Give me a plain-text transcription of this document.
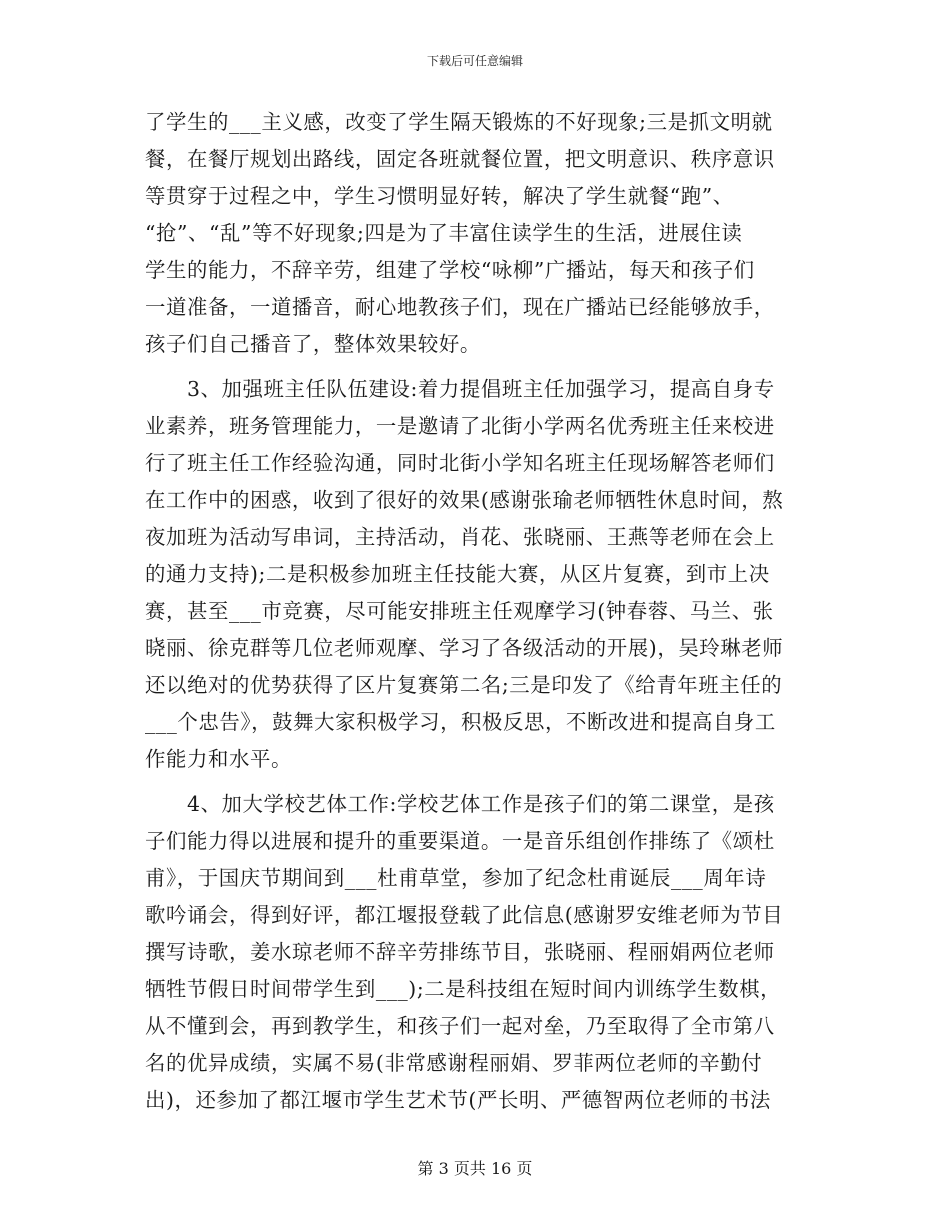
下载后可任意编辑
了学生的___主义感，改变了学生隔天锻炼的不好现象;三是抓文明就
餐，在餐厅规划出路线，固定各班就餐位置，把文明意识、秩序意识
等贯穿于过程之中，学生习惯明显好转，解决了学生就餐“跑”、
“抢”、“乱”等不好现象;四是为了丰富住读学生的生活，进展住读
学生的能力，不辞辛劳，组建了学校“咏柳”广播站，每天和孩子们
一道准备，一道播音，耐心地教孩子们，现在广播站已经能够放手，
孩子们自己播音了，整体效果较好。
　　3、加强班主任队伍建设:着力提倡班主任加强学习，提高自身专
业素养，班务管理能力，一是邀请了北街小学两名优秀班主任来校进
行了班主任工作经验沟通，同时北街小学知名班主任现场解答老师们
在工作中的困惑，收到了很好的效果(感谢张瑜老师牺牲休息时间，熬
夜加班为活动写串词，主持活动，肖花、张晓丽、王燕等老师在会上
的通力支持);二是积极参加班主任技能大赛，从区片复赛，到市上决
赛，甚至___市竞赛，尽可能安排班主任观摩学习(钟春蓉、马兰、张
晓丽、徐克群等几位老师观摩、学习了各级活动的开展)，吴玲琳老师
还以绝对的优势获得了区片复赛第二名;三是印发了《给青年班主任的
___个忠告》，鼓舞大家积极学习，积极反思，不断改进和提高自身工
作能力和水平。
　　4、加大学校艺体工作:学校艺体工作是孩子们的第二课堂，是孩
子们能力得以进展和提升的重要渠道。一是音乐组创作排练了《颂杜
甫》，于国庆节期间到___杜甫草堂，参加了纪念杜甫诞辰___周年诗
歌吟诵会，得到好评，都江堰报登载了此信息(感谢罗安维老师为节目
撰写诗歌，姜水琼老师不辞辛劳排练节目，张晓丽、程丽娟两位老师
牺牲节假日时间带学生到___);二是科技组在短时间内训练学生数棋，
从不懂到会，再到教学生，和孩子们一起对垒，乃至取得了全市第八
名的优异成绩，实属不易(非常感谢程丽娟、罗菲两位老师的辛勤付
出)，还参加了都江堰市学生艺术节(严长明、严德智两位老师的书法
第 3 页共 16 页
